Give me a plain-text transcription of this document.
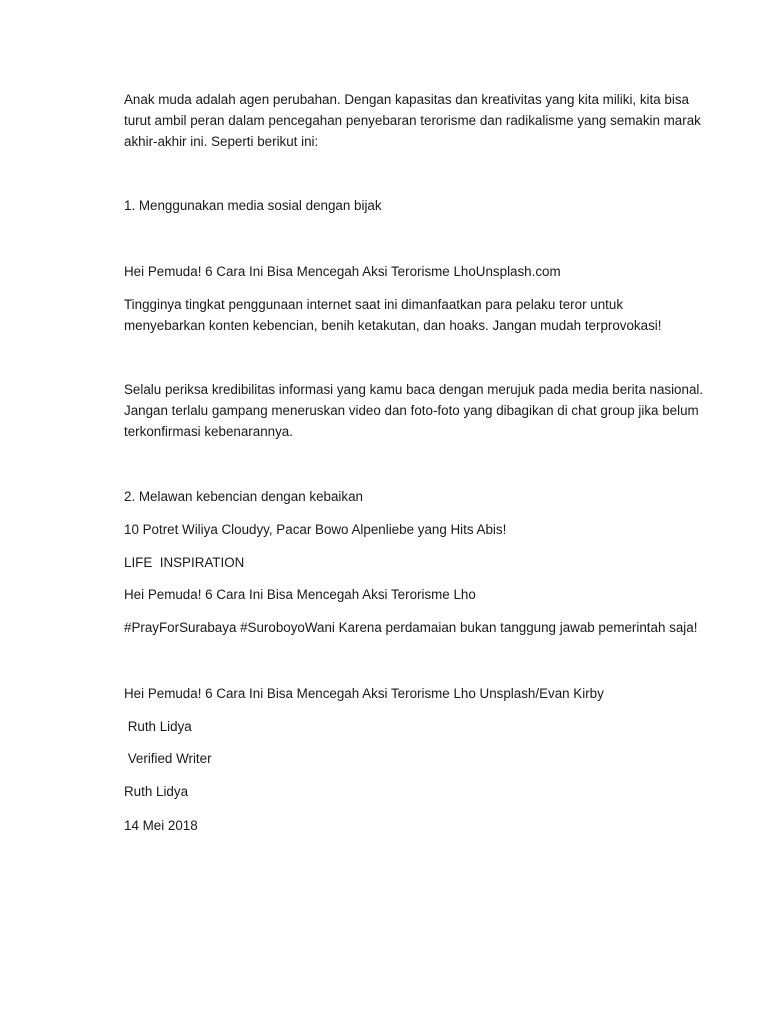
Anak muda adalah agen perubahan. Dengan kapasitas dan kreativitas yang kita miliki, kita bisa
turut ambil peran dalam pencegahan penyebaran terorisme dan radikalisme yang semakin marak
akhir-akhir ini. Seperti berikut ini:

1. Menggunakan media sosial dengan bijak

Hei Pemuda! 6 Cara Ini Bisa Mencegah Aksi Terorisme LhoUnsplash.com

Tingginya tingkat penggunaan internet saat ini dimanfaatkan para pelaku teror untuk
menyebarkan konten kebencian, benih ketakutan, dan hoaks. Jangan mudah terprovokasi!

Selalu periksa kredibilitas informasi yang kamu baca dengan merujuk pada media berita nasional.
Jangan terlalu gampang meneruskan video dan foto-foto yang dibagikan di chat group jika belum
terkonfirmasi kebenarannya.

2. Melawan kebencian dengan kebaikan

10 Potret Wiliya Cloudyy, Pacar Bowo Alpenliebe yang Hits Abis!

LIFE  INSPIRATION

Hei Pemuda! 6 Cara Ini Bisa Mencegah Aksi Terorisme Lho

#PrayForSurabaya #SuroboyoWani Karena perdamaian bukan tanggung jawab pemerintah saja!

Hei Pemuda! 6 Cara Ini Bisa Mencegah Aksi Terorisme Lho Unsplash/Evan Kirby

Ruth Lidya

Verified Writer

Ruth Lidya

14 Mei 2018
